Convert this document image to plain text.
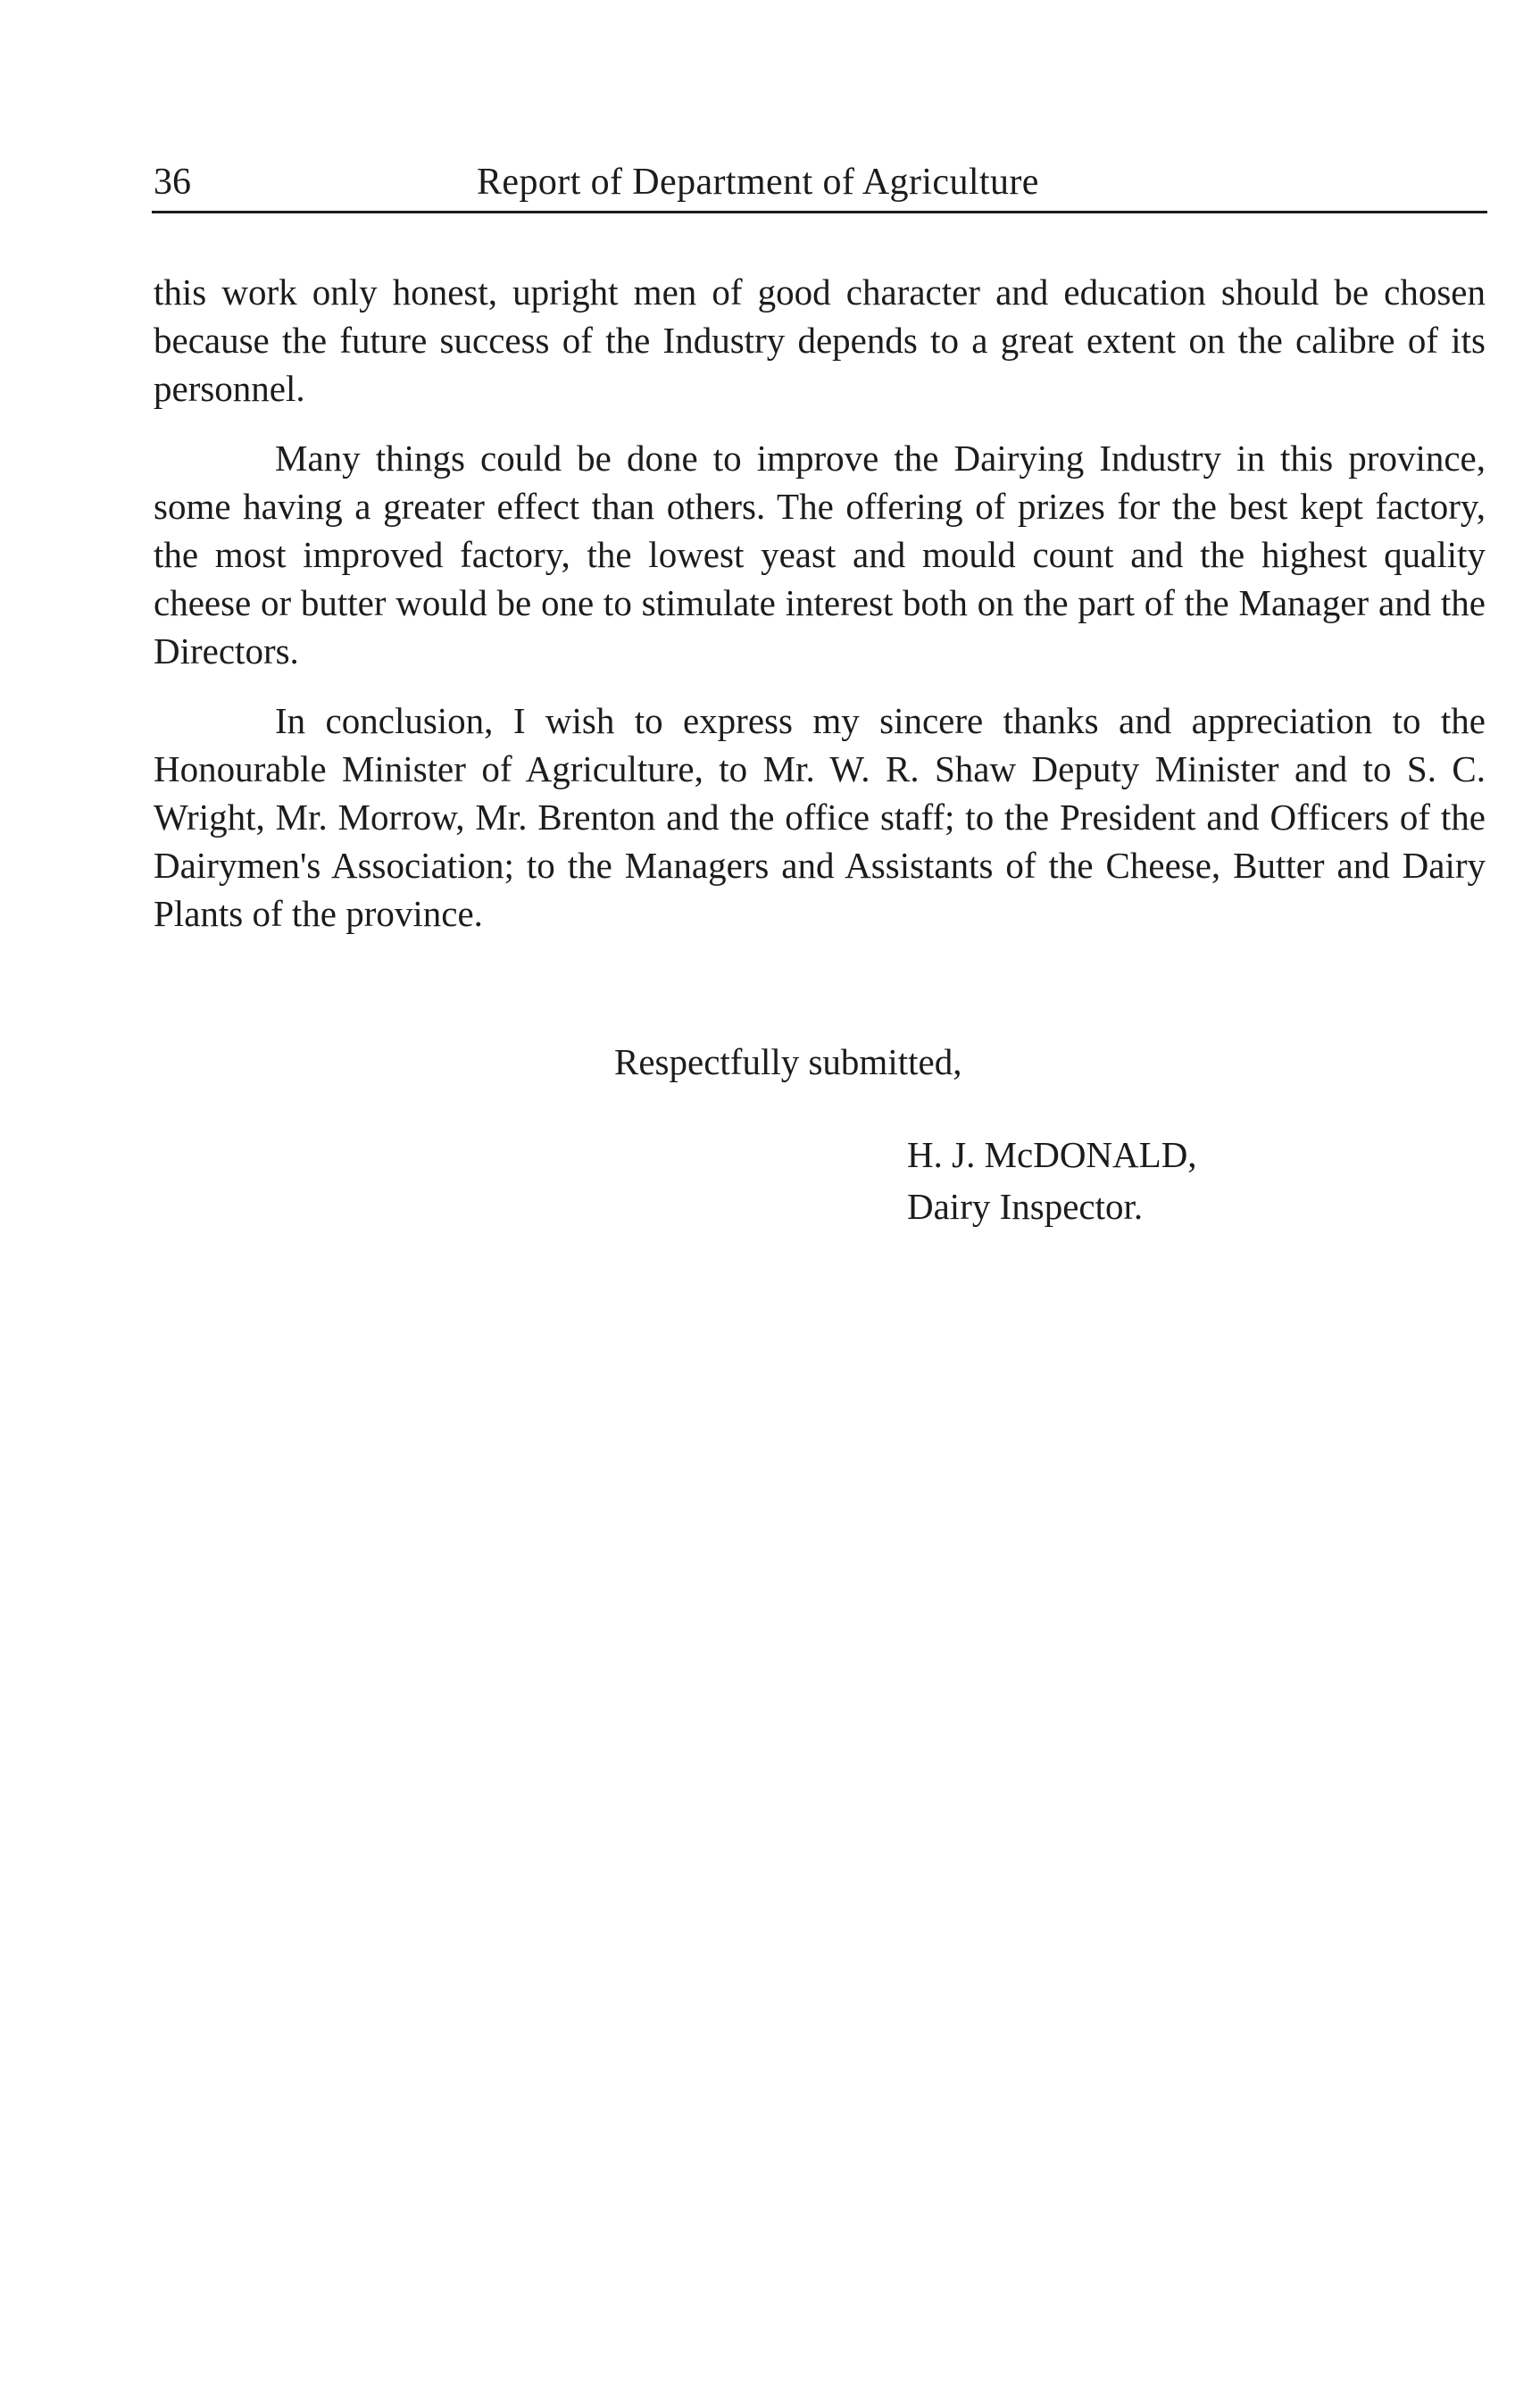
36	Report of Department of Agriculture

this work only honest, upright men of good character and education should be chosen because the future success of the Industry depends to a great extent on the calibre of its personnel.

Many things could be done to improve the Dairying Industry in this province, some having a greater effect than others. The offering of prizes for the best kept factory, the most improved factory, the lowest yeast and mould count and the highest quality cheese or butter would be one to stimulate interest both on the part of the Manager and the Directors.

In conclusion, I wish to express my sincere thanks and appreciation to the Honourable Minister of Agriculture, to Mr. W. R. Shaw Deputy Minister and to S. C. Wright, Mr. Morrow, Mr. Brenton and the office staff; to the President and Officers of the Dairymen's Association; to the Managers and Assistants of the Cheese, Butter and Dairy Plants of the province.

Respectfully submitted,
H. J. McDONALD,
Dairy Inspector.
